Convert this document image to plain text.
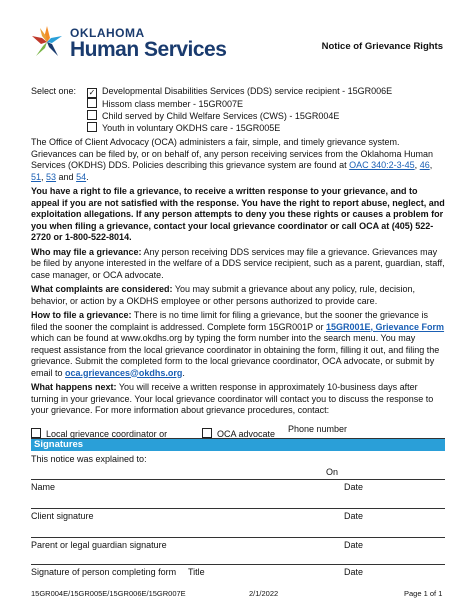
OKLAHOMA
Human Services	Notice of Grievance Rights
Select one: ✓ Developmental Disabilities Services (DDS) service recipient - 15GR006E
Hissom class member - 15GR007E
Child served by Child Welfare Services (CWS) - 15GR004E
Youth in voluntary OKDHS care - 15GR005E

The Office of Client Advocacy (OCA) administers a fair, simple, and timely grievance system. Grievances can be filed by, or on behalf of, any person receiving services from the Oklahoma Human Services (OKDHS) DDS. Policies describing this grievance system are found at OAC 340:2-3-45, 46, 51, 53 and 54.

You have a right to file a grievance, to receive a written response to your grievance, and to appeal if you are not satisfied with the response. You have the right to report abuse, neglect, and exploitation allegations. If any person attempts to deny you these rights or causes a problem for you when filing a grievance, contact your local grievance coordinator or call OCA at (405) 522-2720 or 1-800-522-8014.

Who may file a grievance: Any person receiving DDS services may file a grievance. Grievances may be filed by anyone interested in the welfare of a DDS service recipient, such as a parent, guardian, staff, case manager, or OCA advocate.

What complaints are considered: You may submit a grievance about any policy, rule, decision, behavior, or action by a OKDHS employee or other persons authorized to provide care.

How to file a grievance: There is no time limit for filing a grievance, but the sooner the grievance is filed the sooner the complaint is addressed. Complete form 15GR001P or 15GR001E, Grievance Form which can be found at www.okdhs.org by typing the form number into the search menu. You may request assistance from the local grievance coordinator in obtaining the form, filling it out, and filing the grievance. Submit the completed form to the local grievance coordinator, OCA advocate, or submit by email to oca.grievances@okdhs.org.

What happens next: You will receive a written response in approximately 10-business days after turning in your grievance. Your local grievance coordinator will contact you to discuss the response to your grievance. For more information about grievance procedures, contact:

Local grievance coordinator or	OCA advocate Phone number
Signatures
This notice was explained to:
On
Name	Date
Client signature	Date
Parent or legal guardian signature	Date
Signature of person completing form Title	Date
15GR004E/15GR005E/15GR006E/15GR007E	2/1/2022	Page 1 of 1
